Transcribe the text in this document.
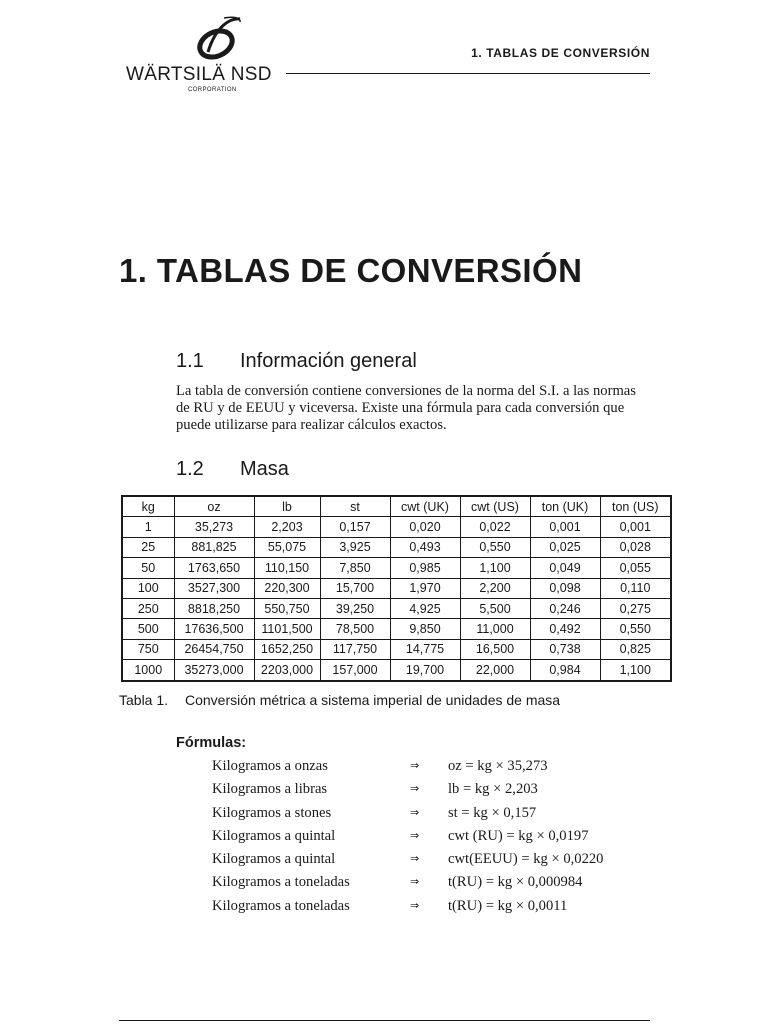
WÄRTSILÄ NSD
CORPORATION
1. TABLAS DE CONVERSIÓN
1. TABLAS DE CONVERSIÓN
1.1 Información general

La tabla de conversión contiene conversiones de la norma del S.I. a las normas de RU y de EEUU y viceversa. Existe una fórmula para cada conversión que puede utilizarse para realizar cálculos exactos.

1.2 Masa
kg	oz	lb	st	cwt (UK)	cwt (US)	ton (UK)	ton (US)
1	35,273	2,203	0,157	0,020	0,022	0,001	0,001
25	881,825	55,075	3,925	0,493	0,550	0,025	0,028
50	1763,650	110,150	7,850	0,985	1,100	0,049	0,055
100	3527,300	220,300	15,700	1,970	2,200	0,098	0,110
250	8818,250	550,750	39,250	4,925	5,500	0,246	0,275
500	17636,500	1101,500	78,500	9,850	11,000	0,492	0,550
750	26454,750	1652,250	117,750	14,775	16,500	0,738	0,825
1000	35273,000	2203,000	157,000	19,700	22,000	0,984	1,100

Tabla 1. Conversión métrica a sistema imperial de unidades de masa

Fórmulas:
Kilogramos a onzas	⇒ oz = kg × 35,273
Kilogramos a libras	⇒ lb = kg × 2,203
Kilogramos a stones	⇒ st = kg × 0,157
Kilogramos a quintal	⇒ cwt (RU) = kg × 0,0197
Kilogramos a quintal	⇒ cwt(EEUU) = kg × 0,0220
Kilogramos a toneladas	⇒ t(RU) = kg × 0,000984
Kilogramos a toneladas	⇒ t(RU) = kg × 0,0011
